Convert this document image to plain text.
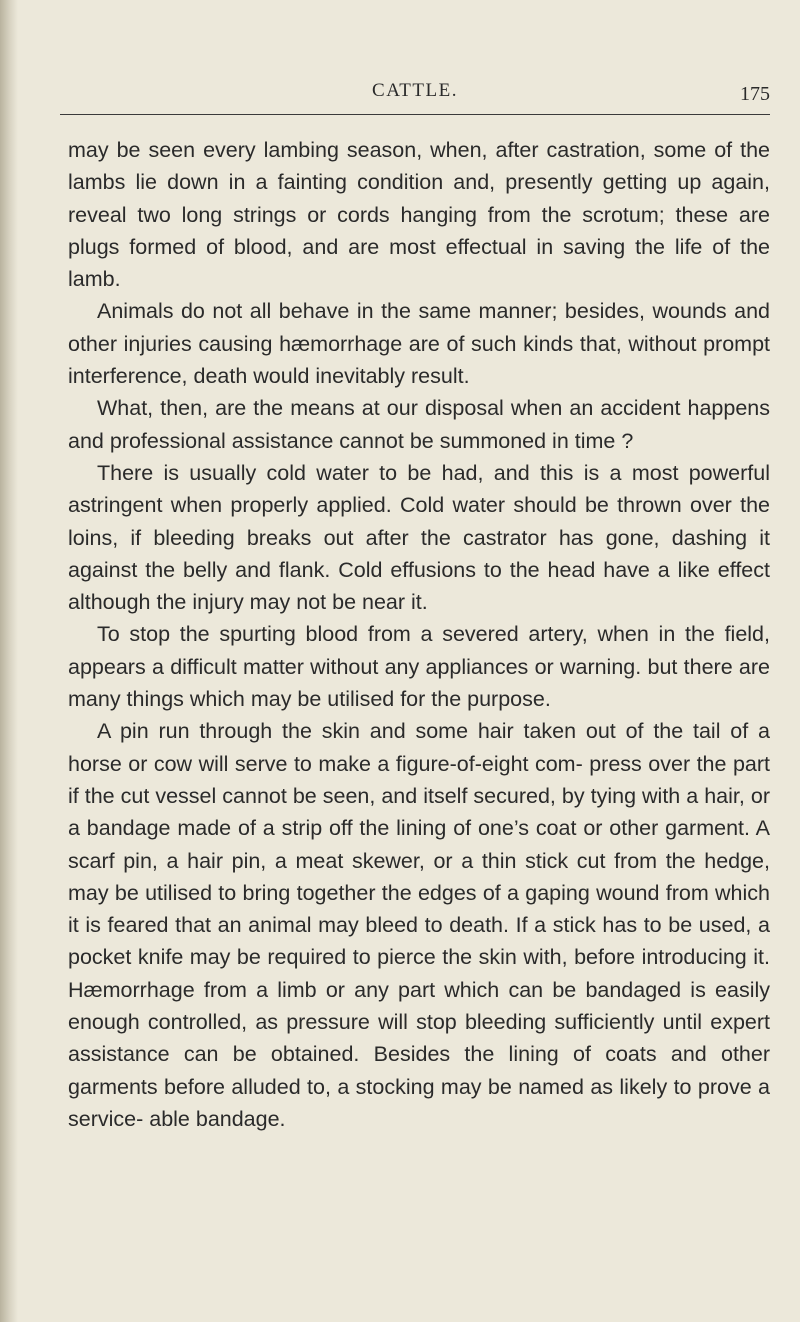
CATTLE.	175

may be seen every lambing season, when, after castration, some of the lambs lie down in a fainting condition and, presently getting up again, reveal two long strings or cords hanging from the scrotum; these are plugs formed of blood, and are most effectual in saving the life of the lamb.

Animals do not all behave in the same manner; besides, wounds and other injuries causing hæmorrhage are of such kinds that, without prompt interference, death would inevitably result.

What, then, are the means at our disposal when an accident happens and professional assistance cannot be summoned in time ?

There is usually cold water to be had, and this is a most powerful astringent when properly applied. Cold water should be thrown over the loins, if bleeding breaks out after the castrator has gone, dashing it against the belly and flank. Cold effusions to the head have a like effect although the injury may not be near it.

To stop the spurting blood from a severed artery, when in the field, appears a difficult matter without any appliances or warning. but there are many things which may be utilised for the purpose.

A pin run through the skin and some hair taken out of the tail of a horse or cow will serve to make a figure-of-eight com- press over the part if the cut vessel cannot be seen, and itself secured, by tying with a hair, or a bandage made of a strip off the lining of one’s coat or other garment. A scarf pin, a hair pin, a meat skewer, or a thin stick cut from the hedge, may be utilised to bring together the edges of a gaping wound from which it is feared that an animal may bleed to death. If a stick has to be used, a pocket knife may be required to pierce the skin with, before introducing it. Hæmorrhage from a limb or any part which can be bandaged is easily enough controlled, as pressure will stop bleeding sufficiently until expert assistance can be obtained. Besides the lining of coats and other garments before alluded to, a stocking may be named as likely to prove a service- able bandage.
